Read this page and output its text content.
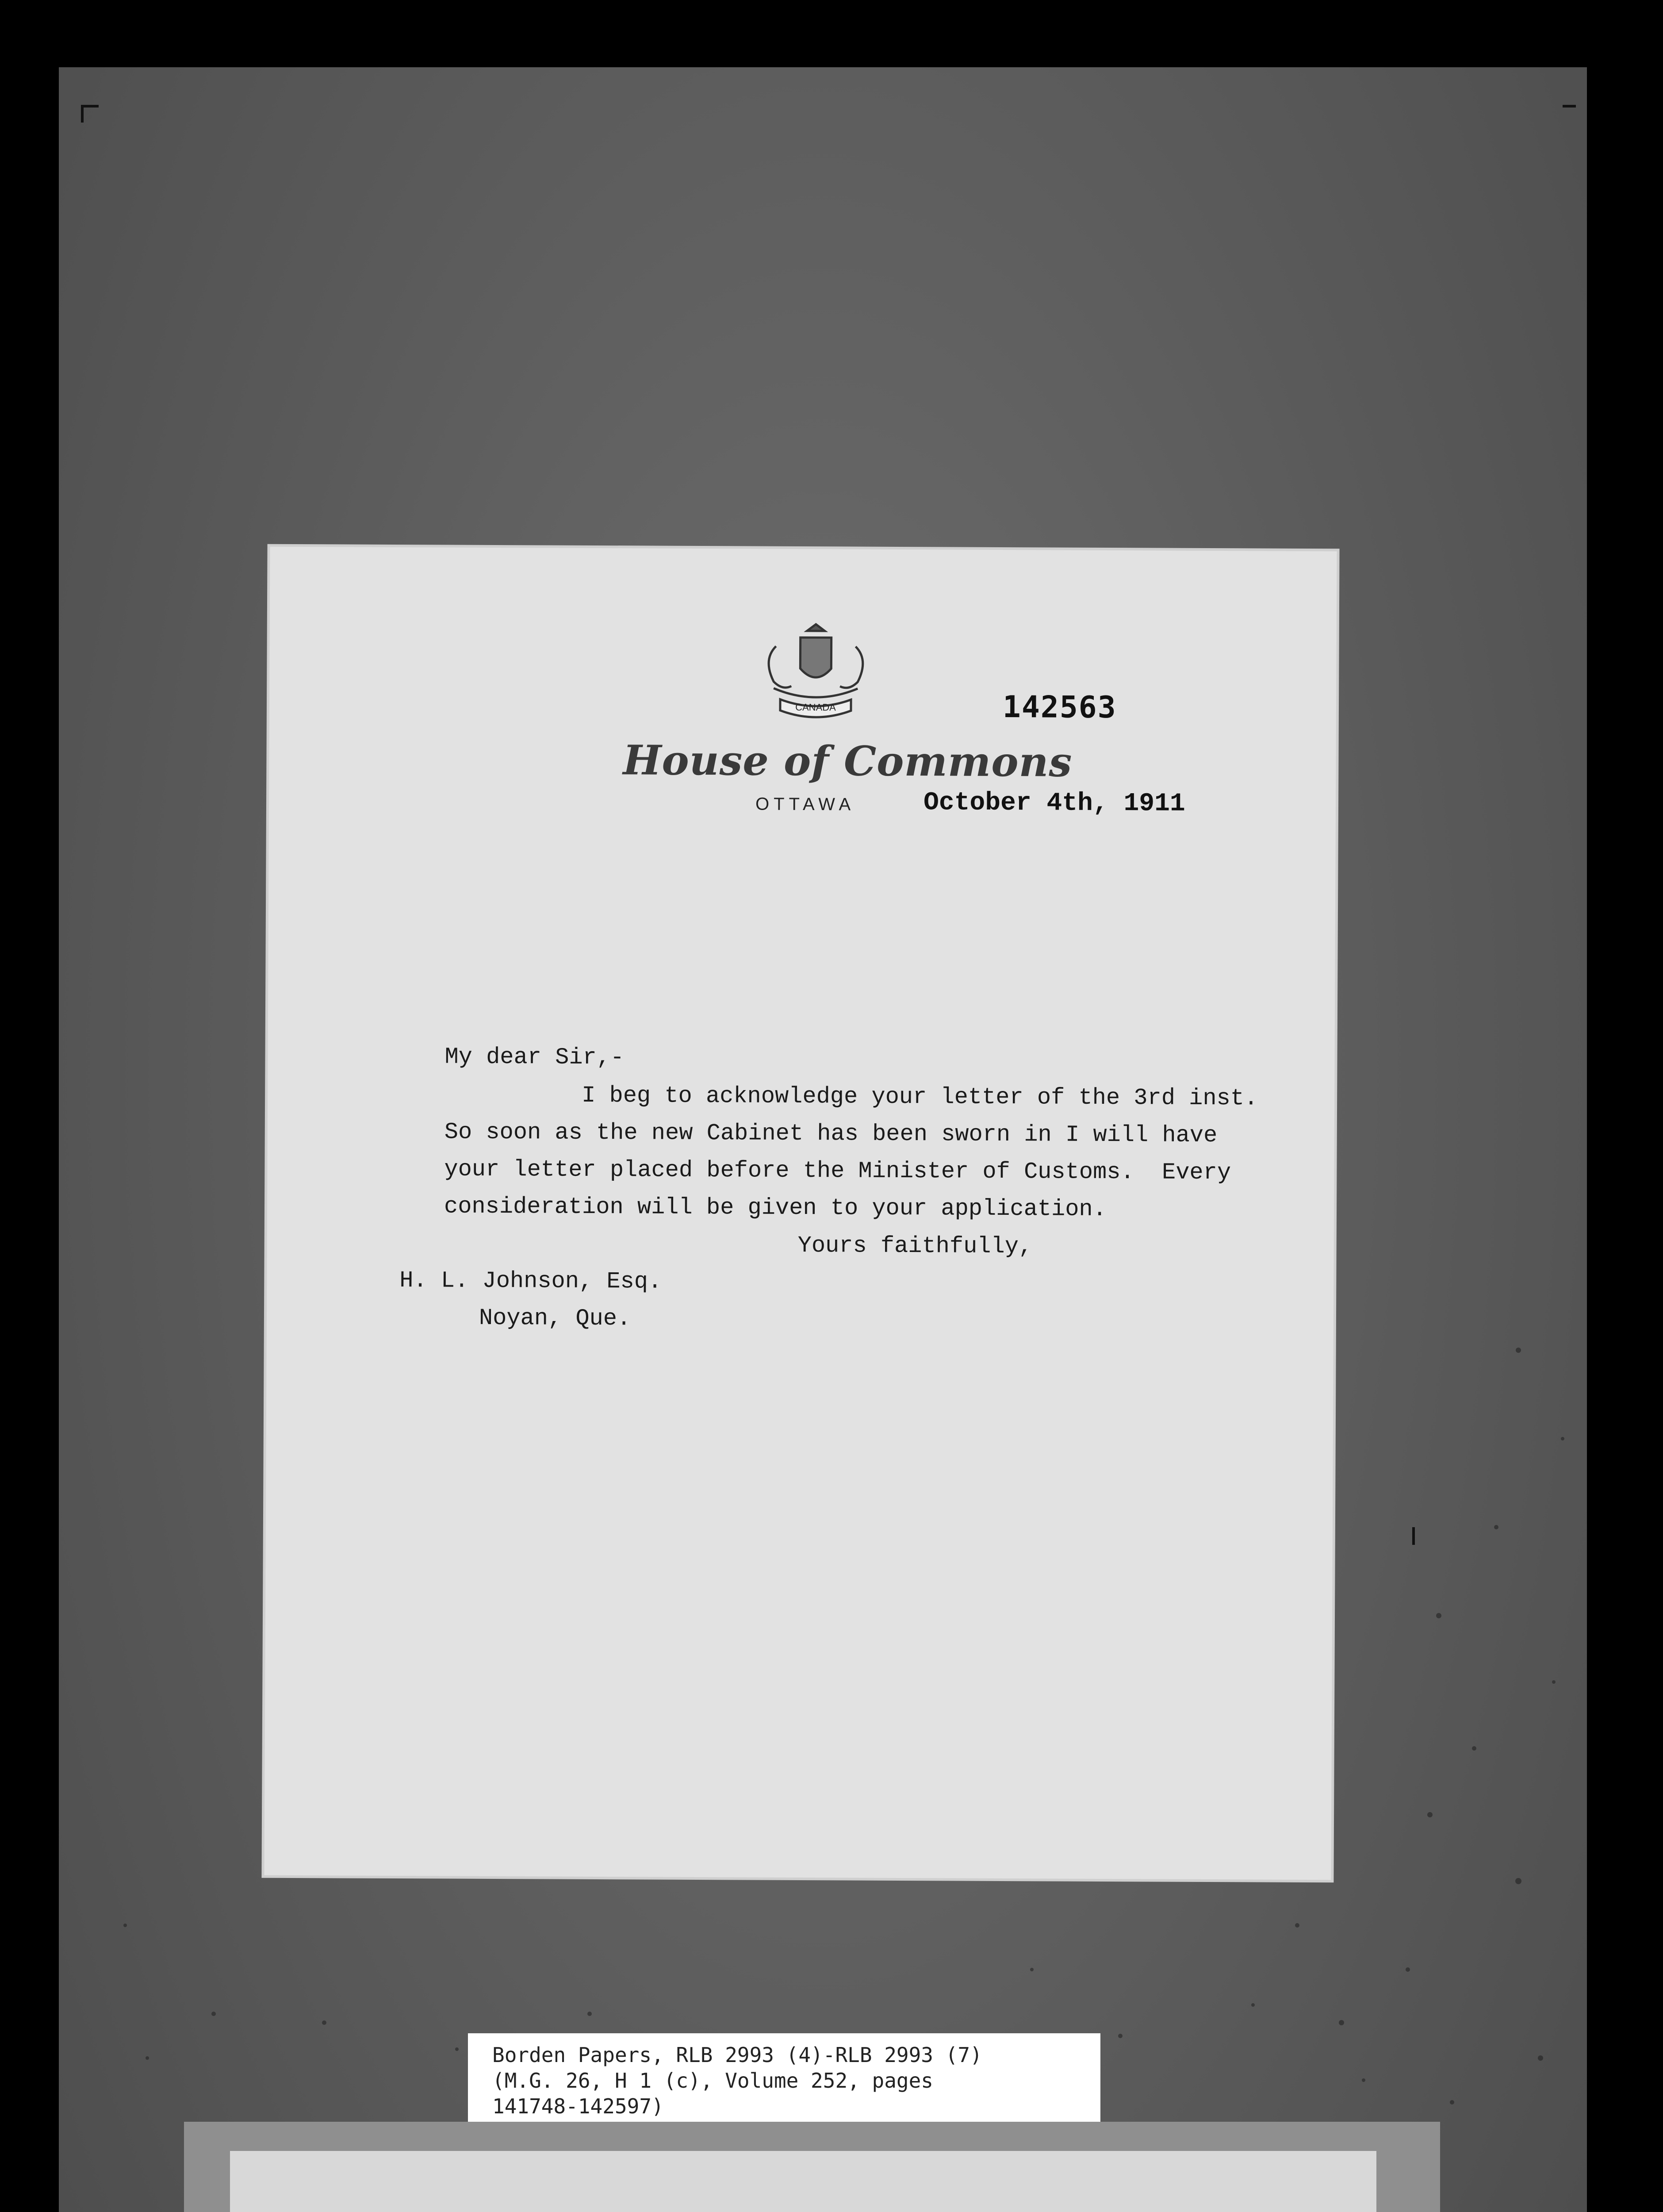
CANADA	142563
House of Commons
OTTAWA	October 4th, 1911
My dear Sir,-
I beg to acknowledge your letter of the 3rd inst.
So soon as the new Cabinet has been sworn in I will have
your letter placed before the Minister of Customs.  Every
consideration will be given to your application.
Yours faithfully,
H. L. Johnson, Esq.
Noyan, Que.
Borden Papers, RLB 2993 (4)-RLB 2993 (7)
(M.G. 26, H 1 (c), Volume 252, pages
141748-142597)
